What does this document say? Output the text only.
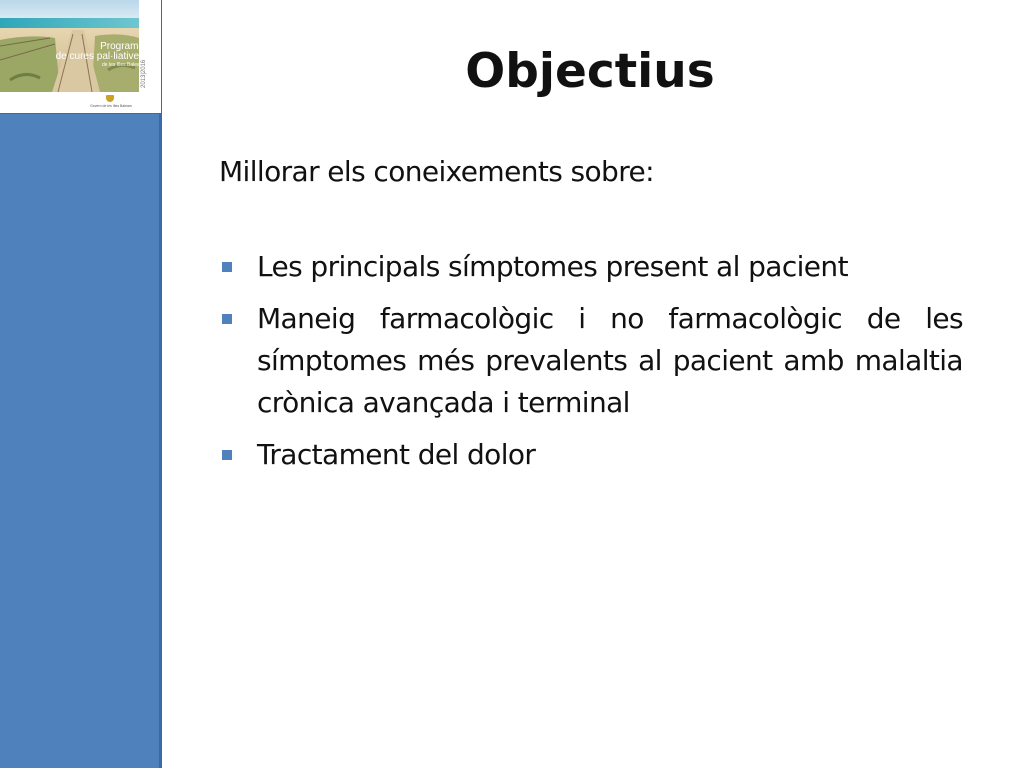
Programa
de cures pal·liatives
de les Illes Balears
2013|2016
Govern de les Illes Balears
Objectius

Millorar els coneixements sobre:

Les principals símptomes present al pacient
Maneig farmacològic i no farmacològic de les símptomes més prevalents al pacient amb malaltia crònica avançada i terminal
Tractament del dolor
